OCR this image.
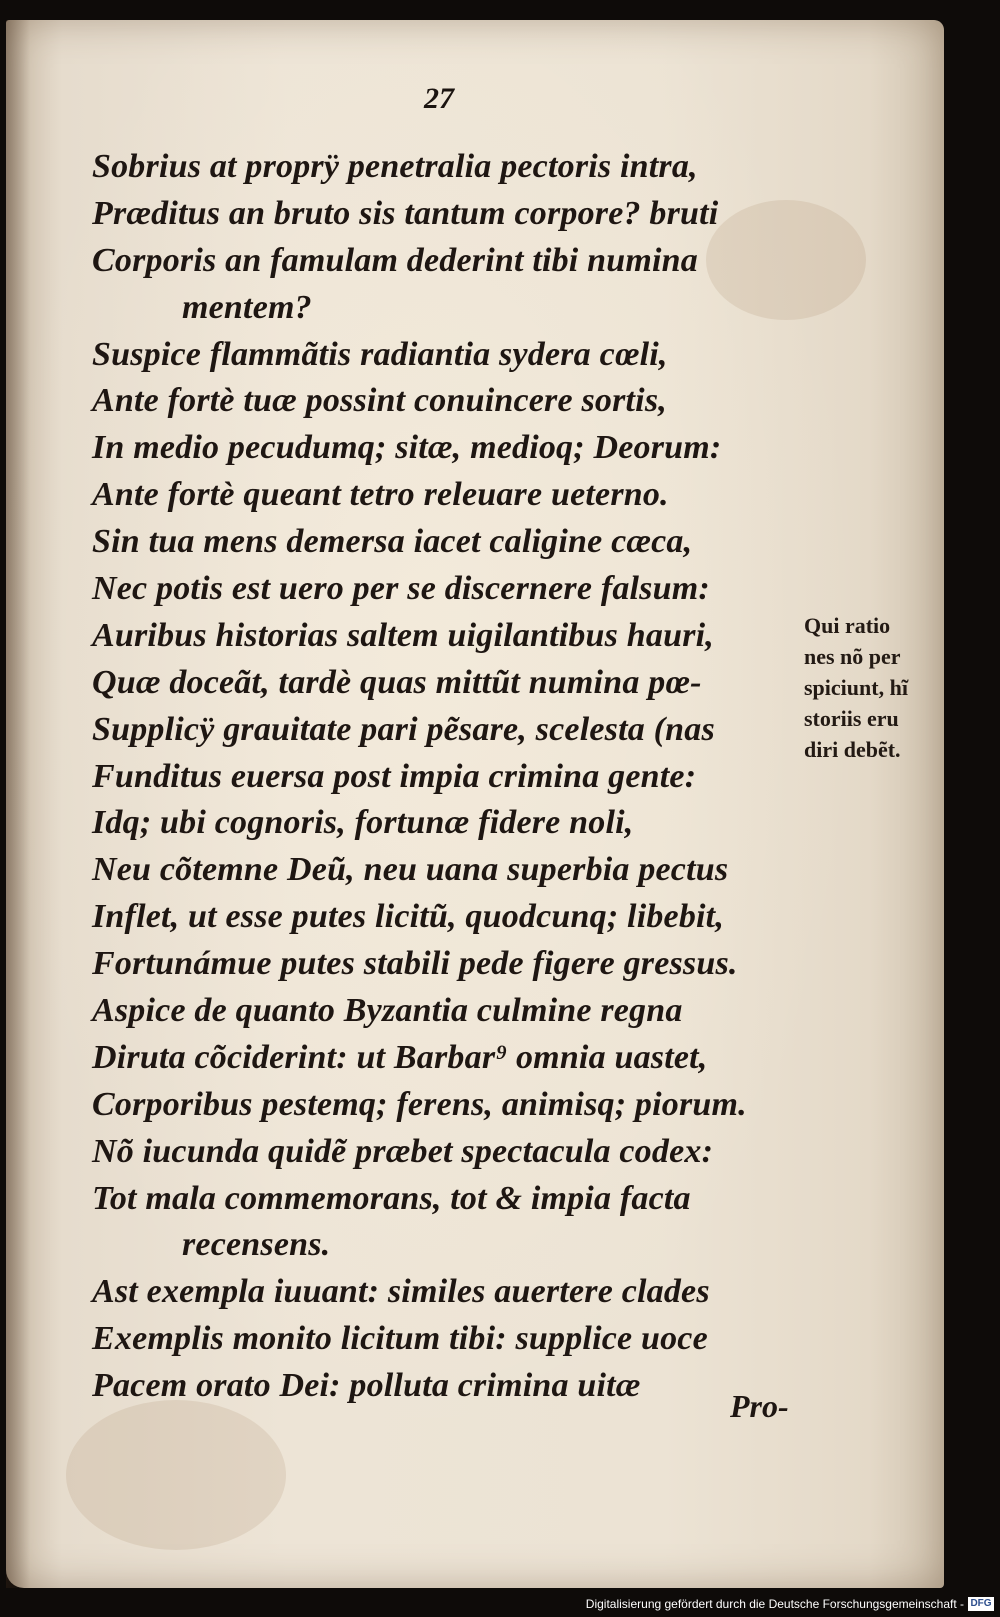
27
Sobrius at proprÿ penetralia pectoris intra,
Præditus an bruto sis tantum corpore? bruti
Corporis an famulam dederint tibi numina
mentem?
Suspice flammãtis radiantia sydera cœli,
Ante fortè tuæ possint conuincere sortis,
In medio pecudumq; sitæ, medioq; Deorum:
Ante fortè queant tetro releuare ueterno.
Sin tua mens demersa iacet caligine cæca,
Nec potis est uero per se discernere falsum:
Auribus historias saltem uigilantibus hauri,
Quæ doceãt, tardè quas mittũt numina pœ-
Supplicÿ grauitate pari pẽsare, scelesta (nas
Funditus euersa post impia crimina gente:
Idq; ubi cognoris, fortunæ fidere noli,
Neu cõtemne Deũ, neu uana superbia pectus
Inflet, ut esse putes licitũ, quodcunq; libebit,
Fortunámue putes stabili pede figere gressus.
Aspice de quanto Byzantia culmine regna
Diruta cõciderint: ut Barbar⁹ omnia uastet,
Corporibus pestemq; ferens, animisq; piorum.
Nõ iucunda quidẽ præbet spectacula codex:
Tot mala commemorans, tot & impia facta
recensens.
Ast exempla iuuant: similes auertere clades
Exemplis monito licitum tibi: supplice uoce
Pacem orato Dei: polluta crimina uitæ
Pro-
Qui ratio
nes nõ per
spiciunt, hĩ
storiis eru
diri debẽt.
Digitalisierung gefördert durch die Deutsche Forschungsgemeinschaft - DFG
